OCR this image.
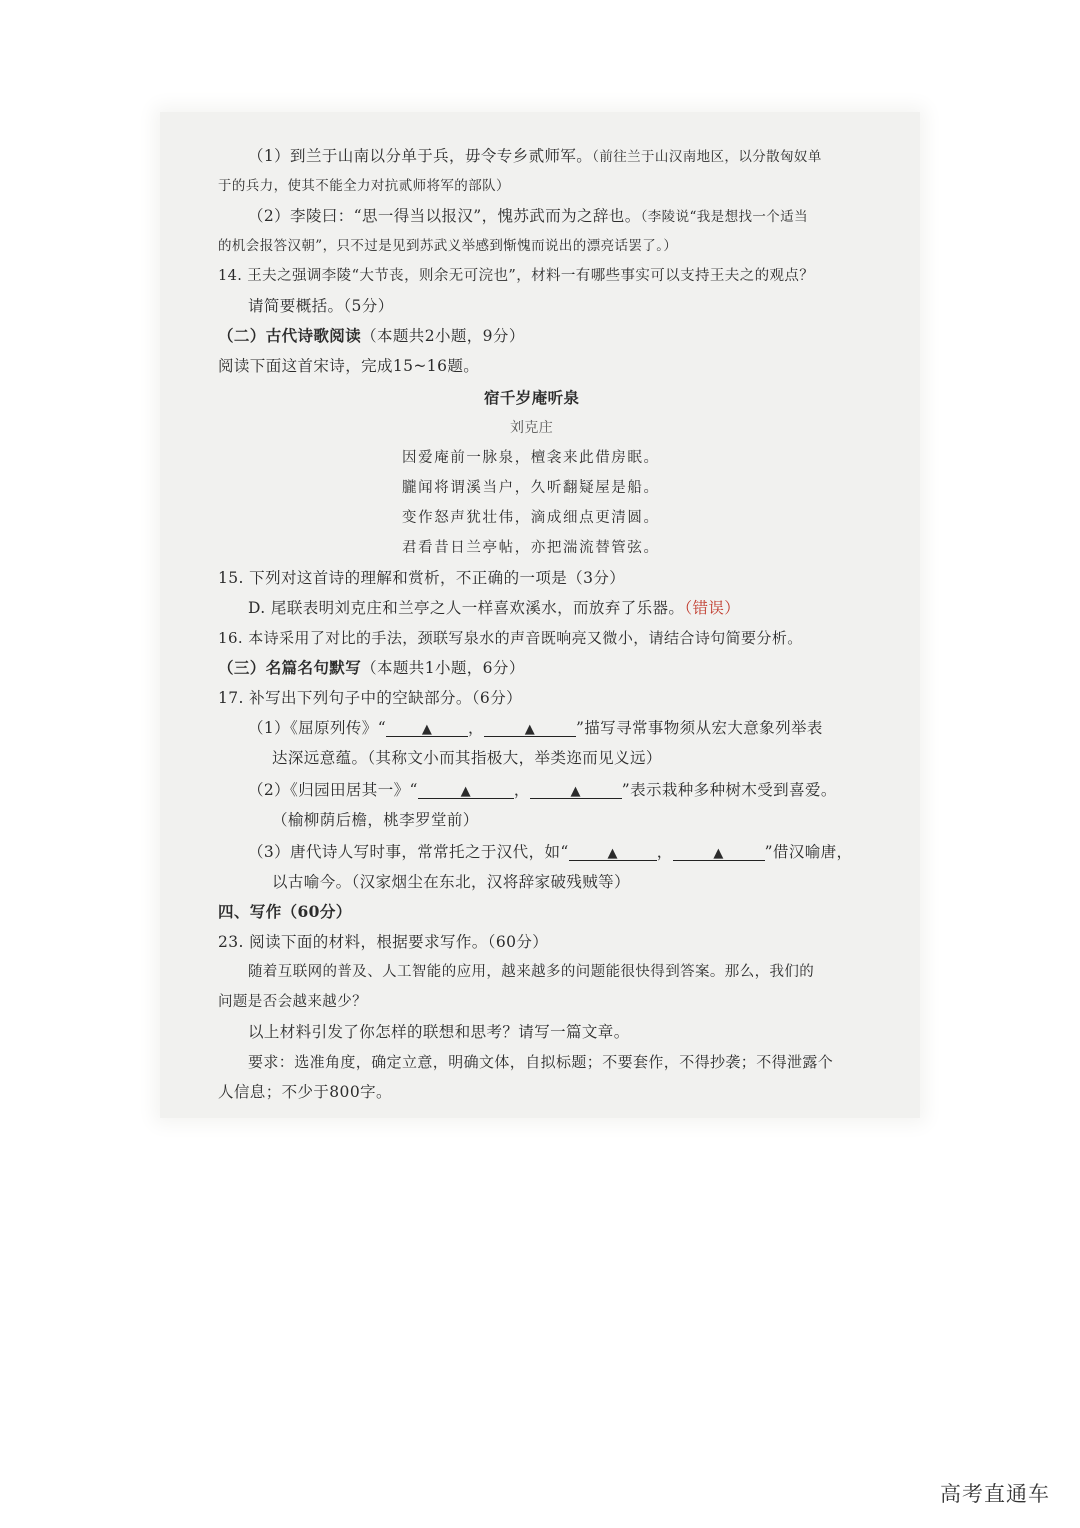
（1）到兰于山南以分单于兵，毋令专乡贰师军。（前往兰于山汉南地区，以分散匈奴单
于的兵力，使其不能全力对抗贰师将军的部队）
（2）李陵曰：“思一得当以报汉”，愧苏武而为之辞也。（李陵说“我是想找一个适当
的机会报答汉朝”，只不过是见到苏武义举感到惭愧而说出的漂亮话罢了。）
14. 王夫之强调李陵“大节丧，则余无可浣也”，材料一有哪些事实可以支持王夫之的观点？
请简要概括。（5分）
（二）古代诗歌阅读（本题共2小题，9分）
阅读下面这首宋诗，完成15~16题。
宿千岁庵听泉
刘克庄
因爱庵前一脉泉，檀衾来此借房眠。
朧闻将谓溪当户，久听翻疑屋是船。
变作怒声犹壮伟，滴成细点更清圆。
君看昔日兰亭帖，亦把湍流替管弦。
15. 下列对这首诗的理解和赏析，不正确的一项是（3分）
D. 尾联表明刘克庄和兰亭之人一样喜欢溪水，而放弃了乐器。（错误）
16. 本诗采用了对比的手法，颈联写泉水的声音既响亮又微小，请结合诗句简要分析。
（三）名篇名句默写（本题共1小题，6分）
17. 补写出下列句子中的空缺部分。（6分）
（1）《屈原列传》“	▲ ，	▲	”描写寻常事物须从宏大意象列举表
达深远意蕴。（其称文小而其指极大，举类迩而见义远）
（2）《归园田居其一》“	▲	，	▲	”表示栽种多种树木受到喜爱。
（榆柳荫后檐，桃李罗堂前）
（3）唐代诗人写时事，常常托之于汉代，如“	▲	，	▲	”借汉喻唐，
以古喻今。（汉家烟尘在东北，汉将辞家破残贼等）
四、写作（60分）
23. 阅读下面的材料，根据要求写作。（60分）
随着互联网的普及、人工智能的应用，越来越多的问题能很快得到答案。那么，我们的
问题是否会越来越少？
以上材料引发了你怎样的联想和思考？请写一篇文章。
要求：选准角度，确定立意，明确文体，自拟标题；不要套作，不得抄袭；不得泄露个
人信息；不少于800字。
高考直通车
